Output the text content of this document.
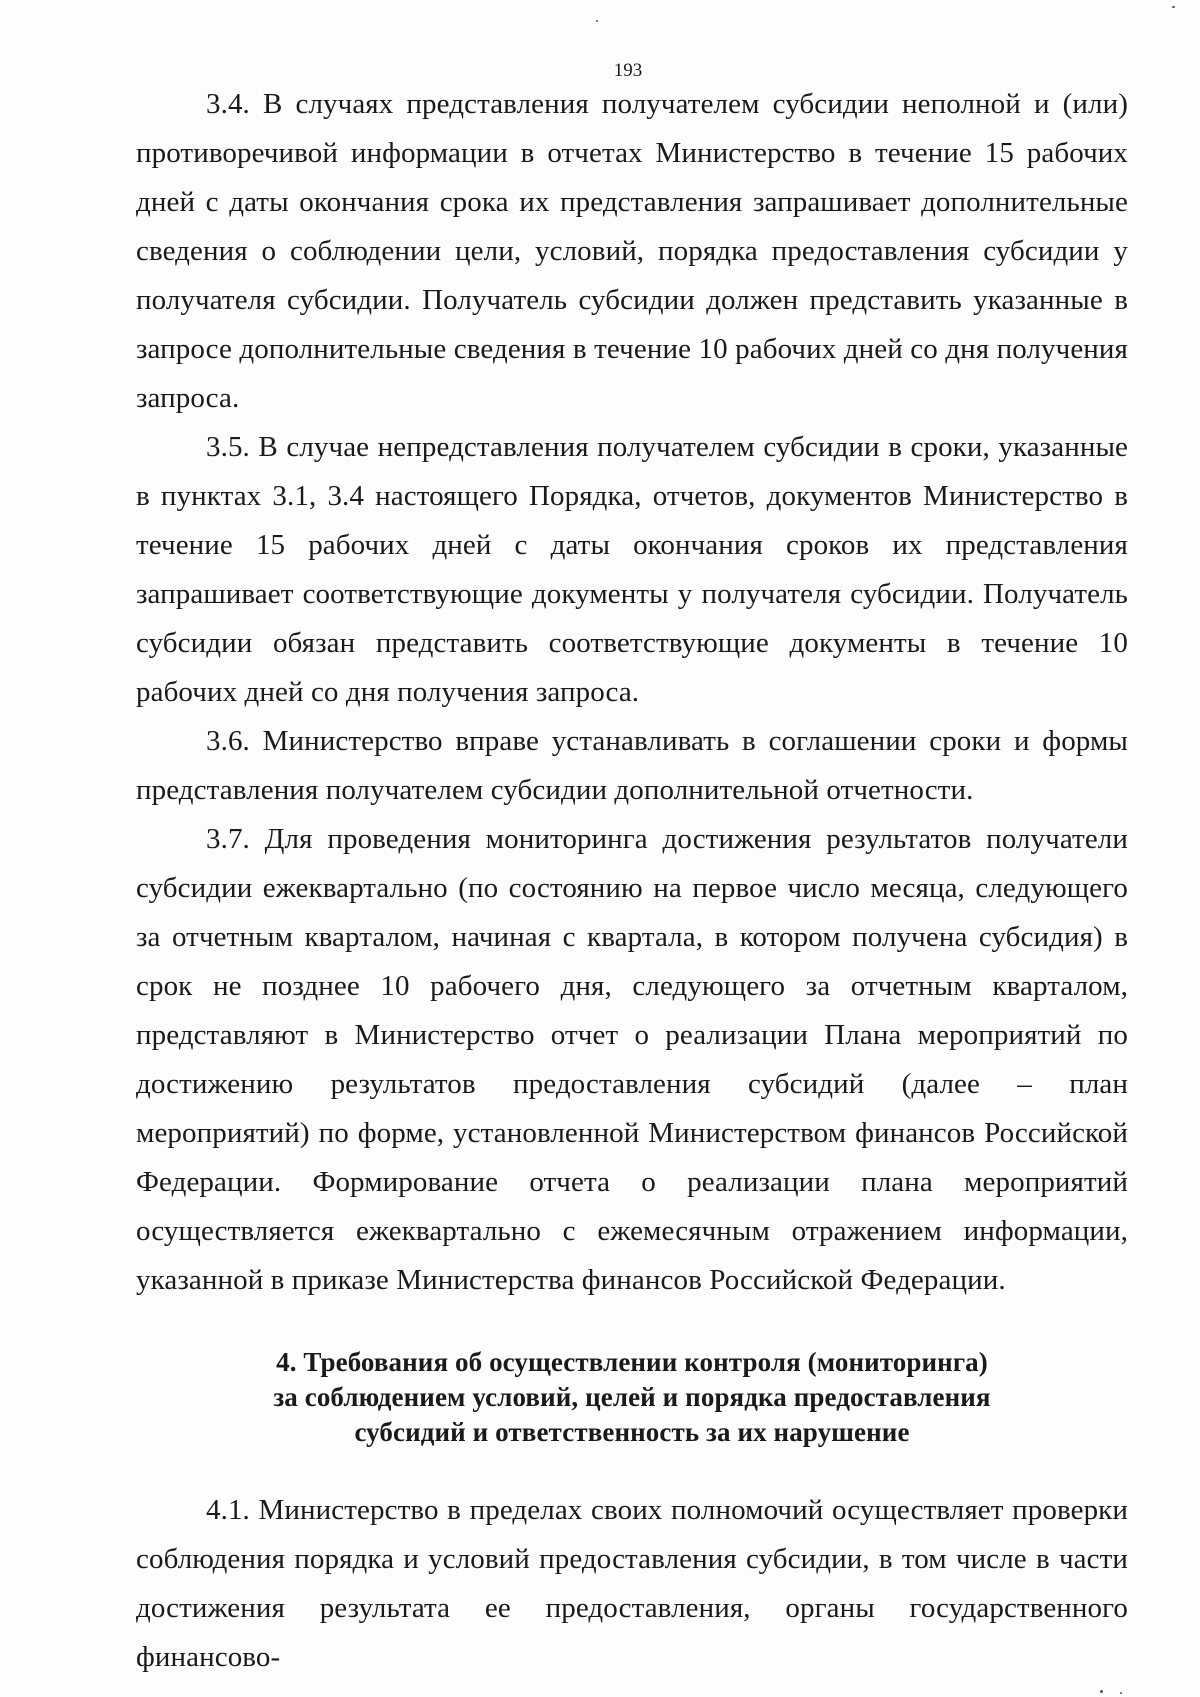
193

3.4. В случаях представления получателем субсидии неполной и (или) противоречивой информации в отчетах Министерство в течение 15 рабочих дней с даты окончания срока их представления запрашивает дополнительные сведения о соблюдении цели, условий, порядка предоставления субсидии у получателя субсидии. Получатель субсидии должен представить указанные в запросе дополнительные сведения в течение 10 рабочих дней со дня получения запроса.

3.5. В случае непредставления получателем субсидии в сроки, указанные в пунктах 3.1, 3.4 настоящего Порядка, отчетов, документов Министерство в течение 15 рабочих дней с даты окончания сроков их представления запрашивает соответствующие документы у получателя субсидии. Получатель субсидии обязан представить соответствующие документы в течение 10 рабочих дней со дня получения запроса.

3.6. Министерство вправе устанавливать в соглашении сроки и формы представления получателем субсидии дополнительной отчетности.

3.7. Для проведения мониторинга достижения результатов получатели субсидии ежеквартально (по состоянию на первое число месяца, следующего за отчетным кварталом, начиная с квартала, в котором получена субсидия) в срок не позднее 10 рабочего дня, следующего за отчетным кварталом, представляют в Министерство отчет о реализации Плана мероприятий по достижению результатов предоставления субсидий (далее – план мероприятий) по форме, установленной Министерством финансов Российской Федерации. Формирование отчета о реализации плана мероприятий осуществляется ежеквартально с ежемесячным отражением информации, указанной в приказе Министерства финансов Российской Федерации.

4. Требования об осуществлении контроля (мониторинга)
за соблюдением условий, целей и порядка предоставления
субсидий и ответственность за их нарушение

4.1. Министерство в пределах своих полномочий осуществляет проверки соблюдения порядка и условий предоставления субсидии, в том числе в части достижения результата ее предоставления, органы государственного финансово-
